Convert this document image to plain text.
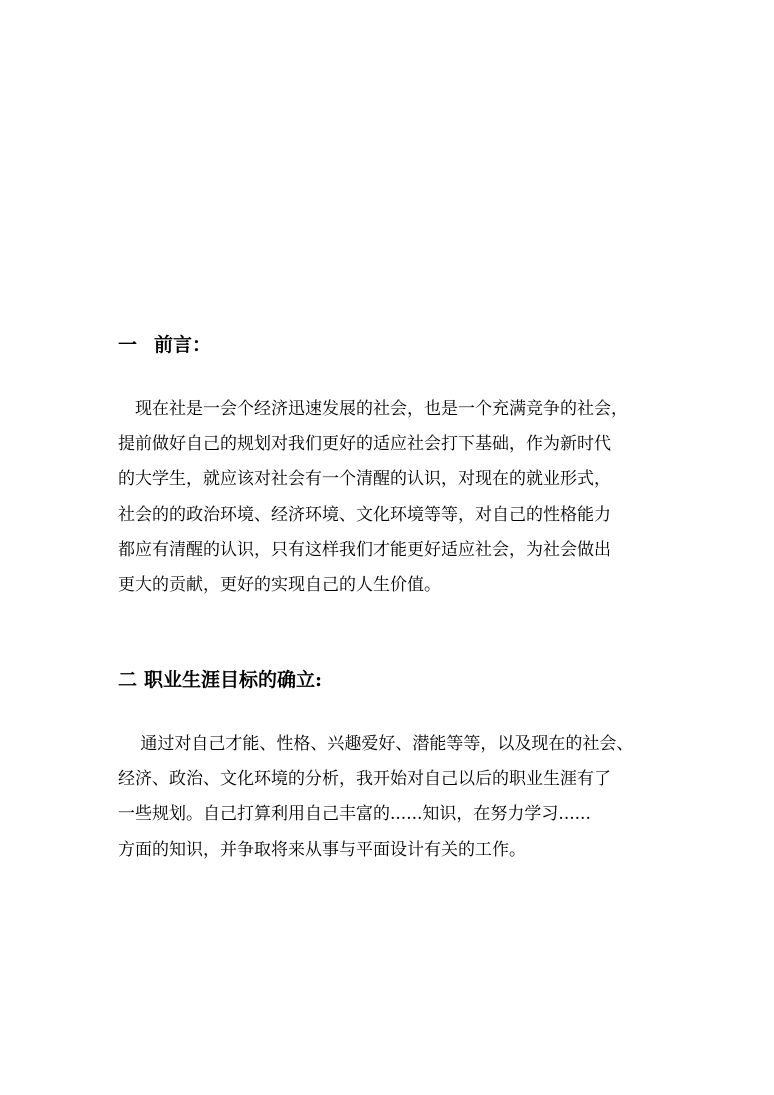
一 前言：

　现在社是一会个经济迅速发展的社会，也是一个充满竞争的社会，
提前做好自己的规划对我们更好的适应社会打下基础，作为新时代
的大学生，就应该对社会有一个清醒的认识，对现在的就业形式，
社会的的政治环境、经济环境、文化环境等等，对自己的性格能力
都应有清醒的认识，只有这样我们才能更好适应社会，为社会做出
更大的贡献，更好的实现自己的人生价值。

二 职业生涯目标的确立:

　 通过对自己才能、性格、兴趣爱好、潜能等等，以及现在的社会、
经济、政治、文化环境的分析，我开始对自己以后的职业生涯有了
一些规划。自己打算利用自己丰富的......知识，在努力学习......
方面的知识，并争取将来从事与平面设计有关的工作。
